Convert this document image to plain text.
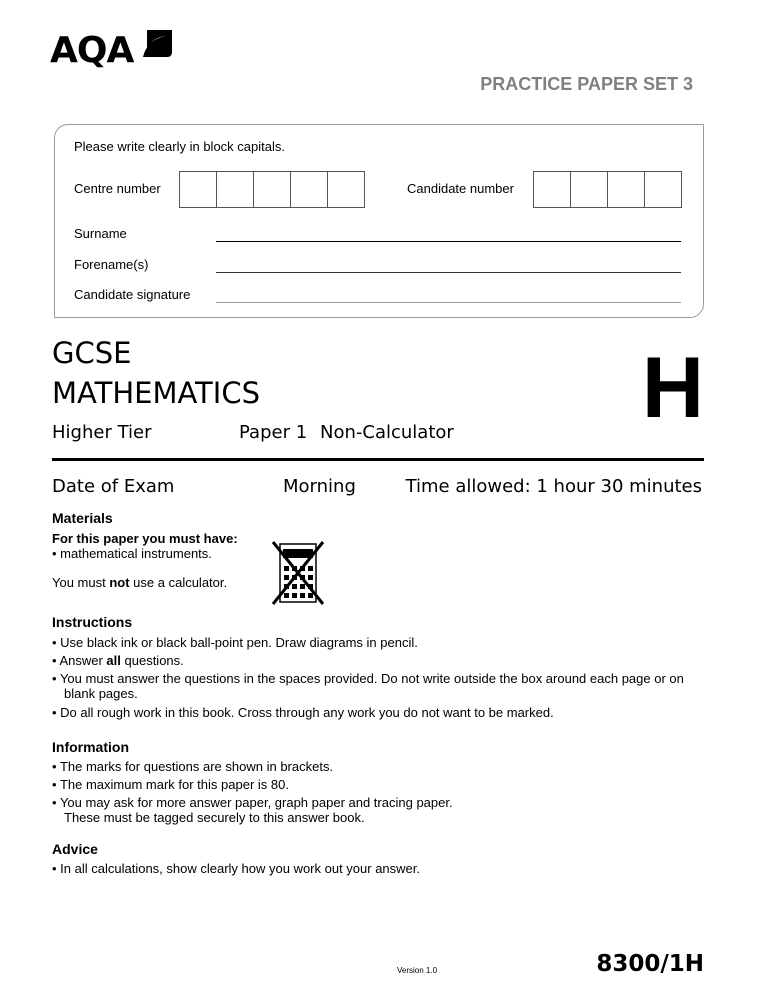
AQA
PRACTICE PAPER SET 3
Please write clearly in block capitals.
Centre number	Candidate number
Surname
Forename(s)
Candidate signature
GCSE
MATHEMATICS	H
Higher Tier	Paper 1 Non-Calculator
Date of Exam	Morning	Time allowed: 1 hour 30 minutes
Materials
For this paper you must have:
• mathematical instruments.
You must not use a calculator.
Instructions
• Use black ink or black ball-point pen. Draw diagrams in pencil.
• Answer all questions.
• You must answer the questions in the spaces provided. Do not write outside the box around each page or on blank pages.
• Do all rough work in this book. Cross through any work you do not want to be marked.
Information
• The marks for questions are shown in brackets.
• The maximum mark for this paper is 80.
• You may ask for more answer paper, graph paper and tracing paper. These must be tagged securely to this answer book.
Advice
• In all calculations, show clearly how you work out your answer.
Version 1.0	8300/1H
